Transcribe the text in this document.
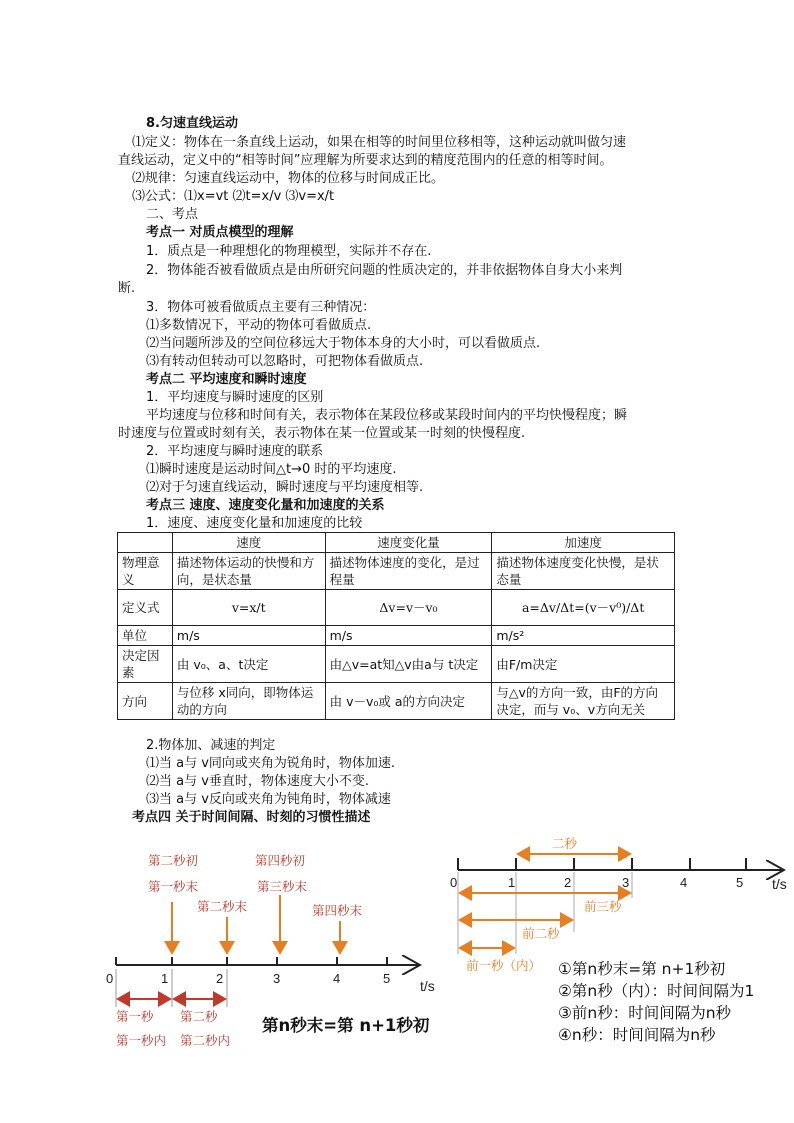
8.匀速直线运动
⑴定义：物体在一条直线上运动，如果在相等的时间里位移相等，这种运动就叫做匀速
直线运动，定义中的“相等时间”应理解为所要求达到的精度范围内的任意的相等时间。
⑵规律：匀速直线运动中，物体的位移与时间成正比。
⑶公式：⑴x=vt ⑵t=x/v ⑶v=x/t
二、考点
考点一 对质点模型的理解
1．质点是一种理想化的物理模型，实际并不存在.
2．物体能否被看做质点是由所研究问题的性质决定的，并非依据物体自身大小来判
断.
3．物体可被看做质点主要有三种情况：
⑴多数情况下，平动的物体可看做质点.
⑵当问题所涉及的空间位移远大于物体本身的大小时，可以看做质点.
⑶有转动但转动可以忽略时，可把物体看做质点.
考点二 平均速度和瞬时速度
1．平均速度与瞬时速度的区别
平均速度与位移和时间有关，表示物体在某段位移或某段时间内的平均快慢程度；瞬
时速度与位置或时刻有关，表示物体在某一位置或某一时刻的快慢程度.
2．平均速度与瞬时速度的联系
⑴瞬时速度是运动时间△t→0 时的平均速度.
⑵对于匀速直线运动，瞬时速度与平均速度相等.
考点三 速度、速度变化量和加速度的关系
1．速度、速度变化量和加速度的比较
	速度	速度变化量	加速度
物理意义	描述物体运动的快慢和方向，是状态量	描述物体速度的变化，是过程量	描述物体速度变化快慢，是状态量
定义式	v=x/t	Δv=v－v₀	a=Δv/Δt=(v－v⁰)/Δt
单位	m/s	m/s	m/s²
决定因素	由 v₀、a、t决定	由△v=at知△v由a与 t决定	由F/m决定
方向	与位移 x同向，即物体运动的方向	由 v－v₀或 a的方向决定	与△v的方向一致，由F的方向决定，而与 v₀、v方向无关
2.物体加、减速的判定
⑴当 a与 v同向或夹角为锐角时，物体加速.
⑵当 a与 v垂直时，物体速度大小不变.
⑶当 a与 v反向或夹角为钝角时，物体减速
考点四 关于时间间隔、时刻的习惯性描述
0	1	2	3	4	5 t/s
第二秒初
第一秒末
第二秒末
第四秒初
第三秒末
第四秒末
第一秒
第一秒内
第二秒
第二秒内
第n秒末=第 n+1秒初
0	1	2	3	4	5 t/s
二秒
前三秒
前二秒
前一秒（内） ①第n秒末=第 n+1秒初
②第n秒（内）：时间间隔为1
③前n秒：时间间隔为n秒
④n秒：时间间隔为n秒
